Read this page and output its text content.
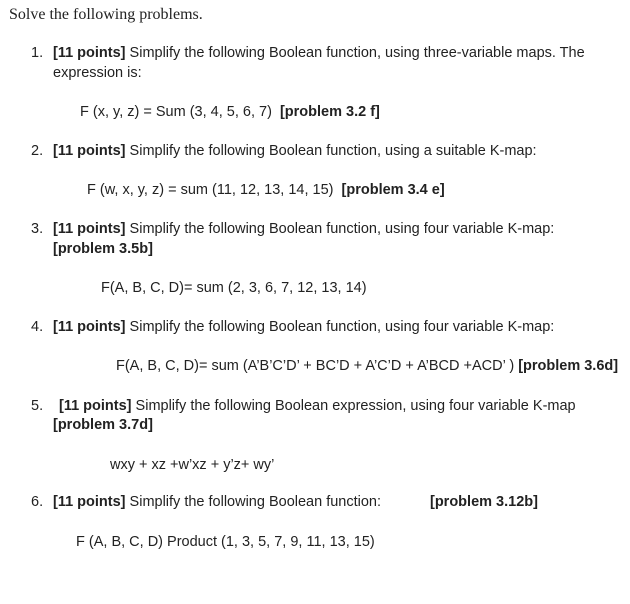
Solve the following problems.
1. [11 points] Simplify the following Boolean function, using three-variable maps. The
expression is:
F (x, y, z) = Sum (3, 4, 5, 6, 7) [problem 3.2 f]
2. [11 points] Simplify the following Boolean function, using a suitable K-map:
F (w, x, y, z) = sum (11, 12, 13, 14, 15) [problem 3.4 e]
3. [11 points] Simplify the following Boolean function, using four variable K-map:
[problem 3.5b]
F(A, B, C, D)= sum (2, 3, 6, 7, 12, 13, 14)
4. [11 points] Simplify the following Boolean function, using four variable K-map:
F(A, B, C, D)= sum (A’B’C’D’ + BC’D + A’C’D + A’BCD +ACD’ ) [problem 3.6d]
5. [11 points] Simplify the following Boolean expression, using four variable K-map
[problem 3.7d]
wxy + xz +w’xz + y’z+ wy’
6. [11 points] Simplify the following Boolean function:	[problem 3.12b]
F (A, B, C, D) Product (1, 3, 5, 7, 9, 11, 13, 15)
